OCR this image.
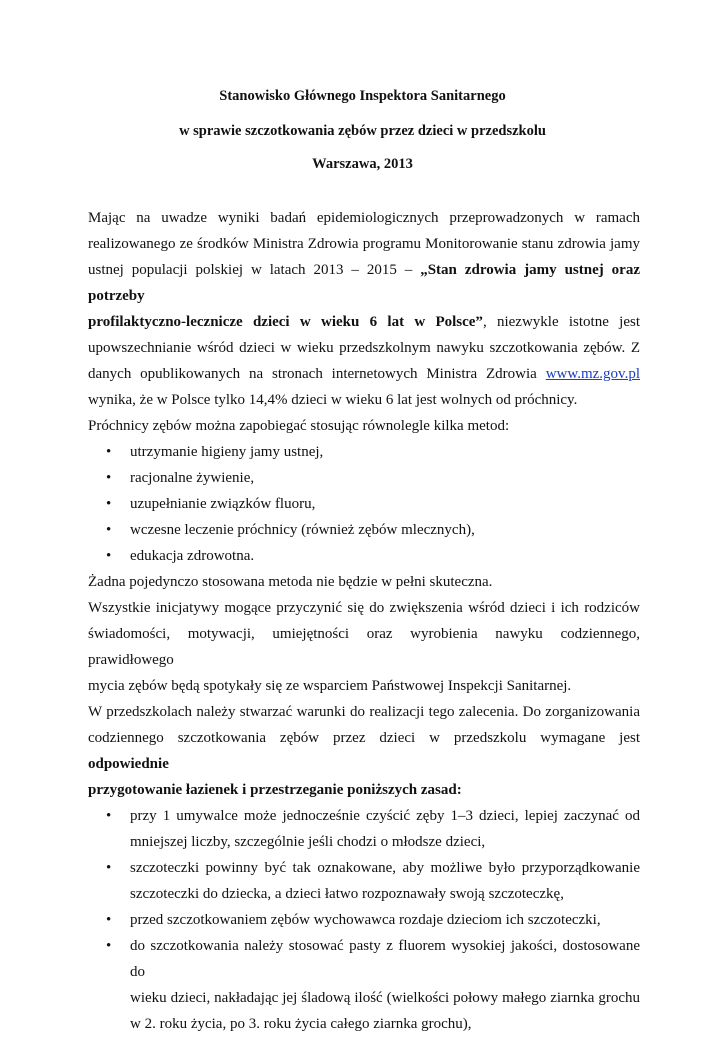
Stanowisko Głównego Inspektora Sanitarnego
w sprawie szczotkowania zębów przez dzieci w przedszkolu
Warszawa, 2013

Mając na uwadze wyniki badań epidemiologicznych przeprowadzonych w ramach

realizowanego ze środków Ministra Zdrowia programu Monitorowanie stanu zdrowia jamy

ustnej populacji polskiej w latach 2013 – 2015 – „Stan zdrowia jamy ustnej oraz potrzeby

profilaktyczno-lecznicze dzieci w wieku 6 lat w Polsce”, niezwykle istotne jest

upowszechnianie wśród dzieci w wieku przedszkolnym nawyku szczotkowania zębów. Z

danych opublikowanych na stronach internetowych Ministra Zdrowia www.mz.gov.pl

wynika, że w Polsce tylko 14,4% dzieci w wieku 6 lat jest wolnych od próchnicy.

Próchnicy zębów można zapobiegać stosując równolegle kilka metod:

•	utrzymanie higieny jamy ustnej,
•	racjonalne żywienie,
•	uzupełnianie związków fluoru,
•	wczesne leczenie próchnicy (również zębów mlecznych),
•	edukacja zdrowotna.

Żadna pojedynczo stosowana metoda nie będzie w pełni skuteczna.

Wszystkie inicjatywy mogące przyczynić się do zwiększenia wśród dzieci i ich rodziców

świadomości, motywacji, umiejętności oraz wyrobienia nawyku codziennego, prawidłowego

mycia zębów będą spotykały się ze wsparciem Państwowej Inspekcji Sanitarnej.

W przedszkolach należy stwarzać warunki do realizacji tego zalecenia. Do zorganizowania

codziennego szczotkowania zębów przez dzieci w przedszkolu wymagane jest odpowiednie

przygotowanie łazienek i przestrzeganie poniższych zasad:

•	przy 1 umywalce może jednocześnie czyścić zęby 1–3 dzieci, lepiej zaczynać od

mniejszej liczby, szczególnie jeśli chodzi o młodsze dzieci,

•	szczoteczki powinny być tak oznakowane, aby możliwe było przyporządkowanie

szczoteczki do dziecka, a dzieci łatwo rozpoznawały swoją szczoteczkę,

•	przed szczotkowaniem zębów wychowawca rozdaje dzieciom ich szczoteczki,

•	do szczotkowania należy stosować pasty z fluorem wysokiej jakości, dostosowane do

wieku dzieci, nakładając jej śladową ilość (wielkości połowy małego ziarnka grochu

w 2. roku życia, po 3. roku życia całego ziarnka grochu),
